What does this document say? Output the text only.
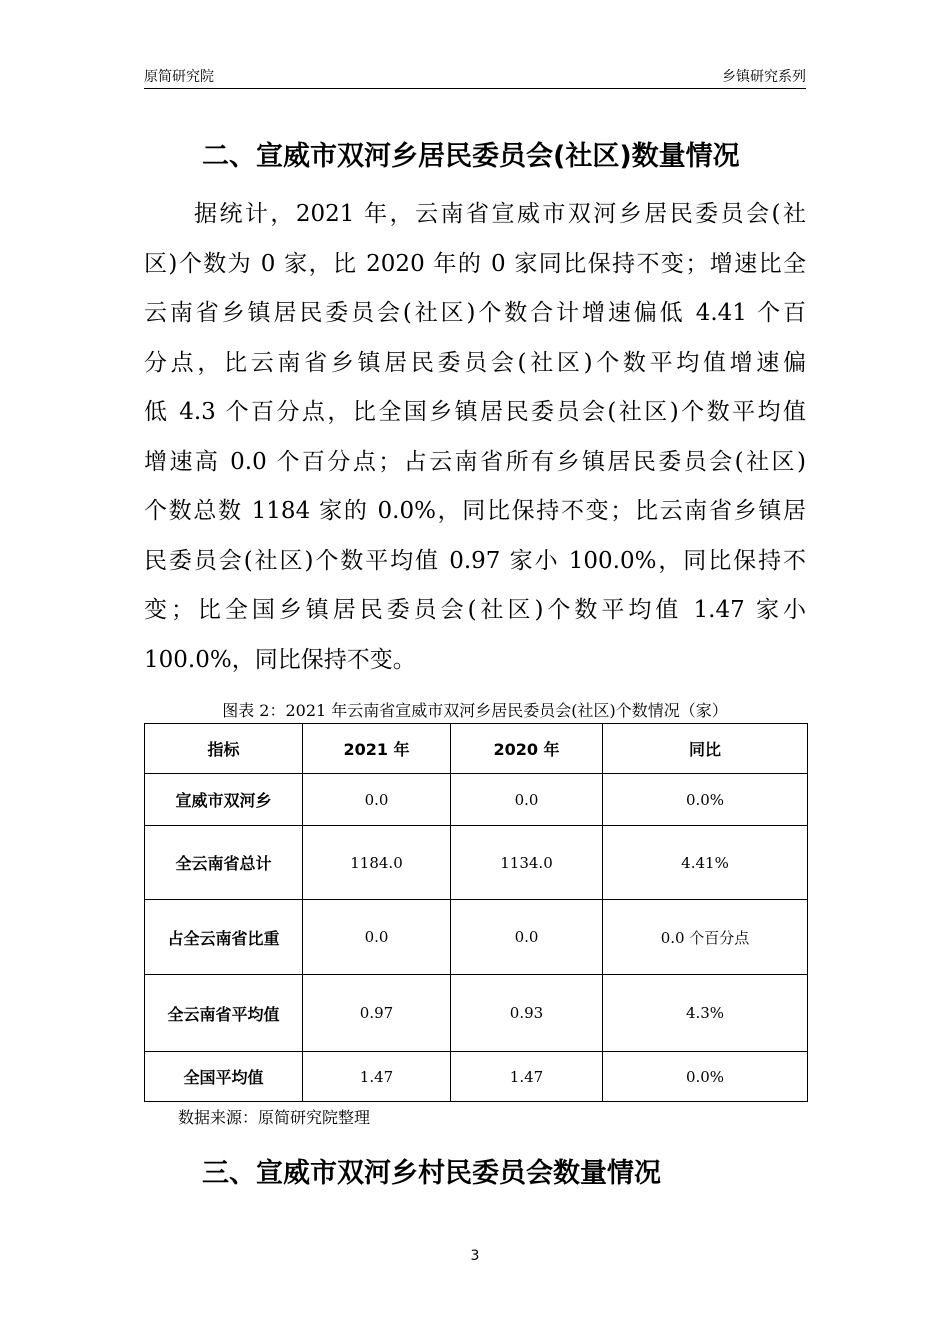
原简研究院	乡镇研究系列
二、宣威市双河乡居民委员会(社区)数量情况
据统计，2021 年，云南省宣威市双河乡居民委员会(社
区)个数为 0 家，比 2020 年的 0 家同比保持不变；增速比全
云南省乡镇居民委员会(社区)个数合计增速偏低 4.41 个百
分点，比云南省乡镇居民委员会(社区)个数平均值增速偏
低 4.3 个百分点，比全国乡镇居民委员会(社区)个数平均值
增速高 0.0 个百分点；占云南省所有乡镇居民委员会(社区)
个数总数 1184 家的 0.0%，同比保持不变；比云南省乡镇居
民委员会(社区)个数平均值 0.97 家小 100.0%，同比保持不
变；比全国乡镇居民委员会(社区)个数平均值 1.47 家小
100.0%，同比保持不变。
图表 2：2021 年云南省宣威市双河乡居民委员会(社区)个数情况（家）
指标	2021 年	2020 年	同比
宣威市双河乡	0.0	0.0	0.0%
全云南省总计	1184.0	1134.0	4.41%
占全云南省比重	0.0	0.0	0.0 个百分点
全云南省平均值	0.97	0.93	4.3%
全国平均值	1.47	1.47	0.0%
数据来源：原简研究院整理
三、宣威市双河乡村民委员会数量情况
3
